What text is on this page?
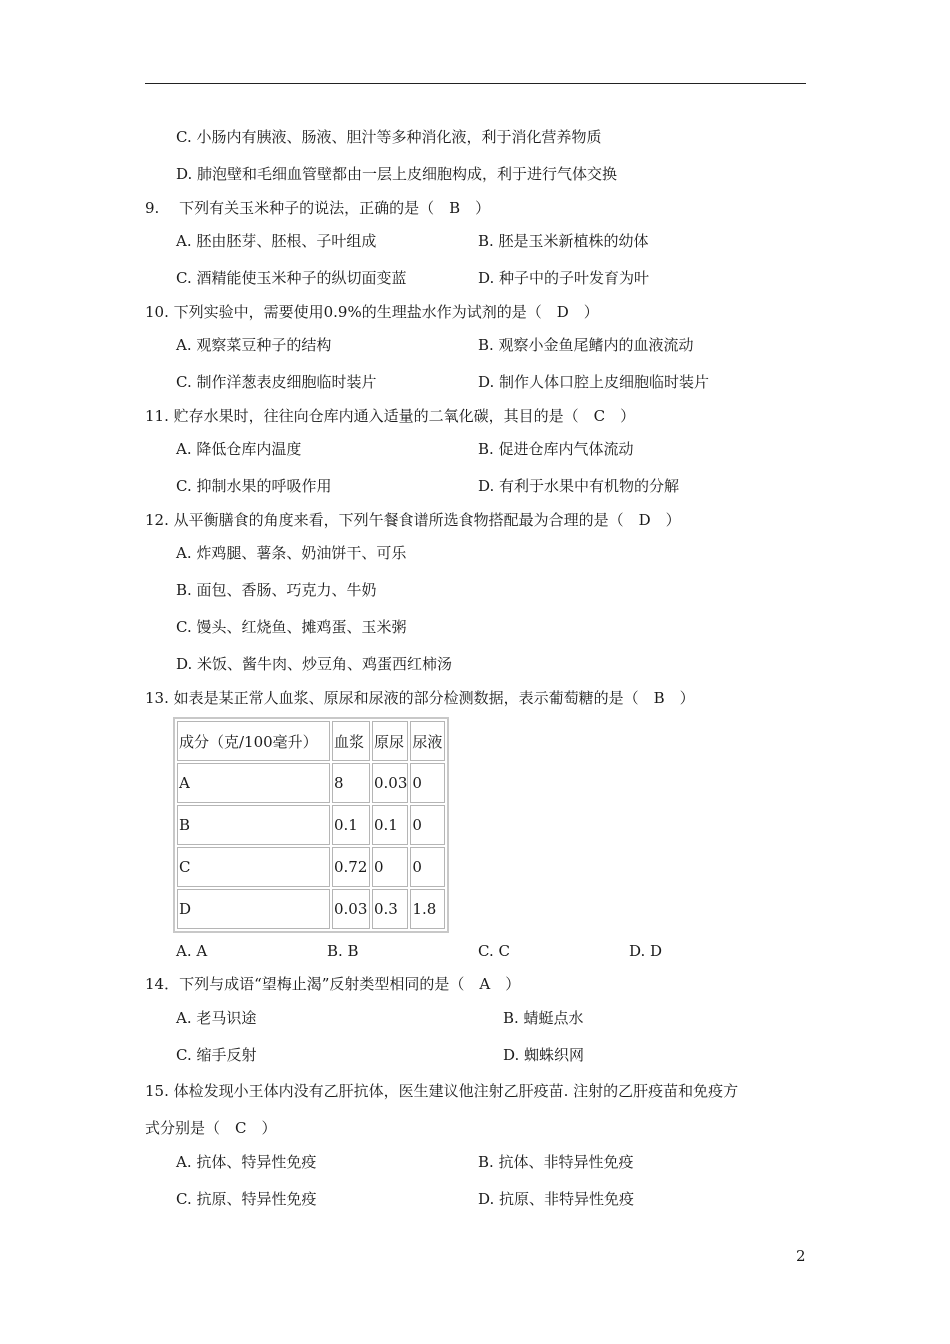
C. 小肠内有胰液、肠液、胆汁等多种消化液，利于消化营养物质
D. 肺泡壁和毛细血管壁都由一层上皮细胞构成，利于进行气体交换
9.　 下列有关玉米种子的说法，正确的是（　B　）
A. 胚由胚芽、胚根、子叶组成	B. 胚是玉米新植株的幼体
C. 酒精能使玉米种子的纵切面变蓝	D. 种子中的子叶发育为叶
10. 下列实验中，需要使用0.9%的生理盐水作为试剂的是（　D　）
A. 观察菜豆种子的结构	B. 观察小金鱼尾鳍内的血液流动
C. 制作洋葱表皮细胞临时装片	D. 制作人体口腔上皮细胞临时装片
11. 贮存水果时，往往向仓库内通入适量的二氧化碳，其目的是（　C　）
A. 降低仓库内温度	B. 促进仓库内气体流动
C. 抑制水果的呼吸作用	D. 有利于水果中有机物的分解
12. 从平衡膳食的角度来看，下列午餐食谱所选食物搭配最为合理的是（　D　）
A. 炸鸡腿、薯条、奶油饼干、可乐
B. 面包、香肠、巧克力、牛奶
C. 馒头、红烧鱼、摊鸡蛋、玉米粥
D. 米饭、酱牛肉、炒豆角、鸡蛋西红柿汤
13. 如表是某正常人血浆、原尿和尿液的部分检测数据，表示葡萄糖的是（　B　）
成分（克/100毫升）	血浆	原尿	尿液
A	8	0.03	0
B	0.1	0.1	0
C	0.72	0	0
D	0.03	0.3	1.8
A. A	B. B	C. C	D. D
14．下列与成语“望梅止渴”反射类型相同的是（　A　）
A. 老马识途	B. 蜻蜓点水
C. 缩手反射	D. 蜘蛛织网
15. 体检发现小王体内没有乙肝抗体，医生建议他注射乙肝疫苗. 注射的乙肝疫苗和免疫方
式分别是（　C　）
A. 抗体、特异性免疫	B. 抗体、非特异性免疫
C. 抗原、特异性免疫	D. 抗原、非特异性免疫
2
